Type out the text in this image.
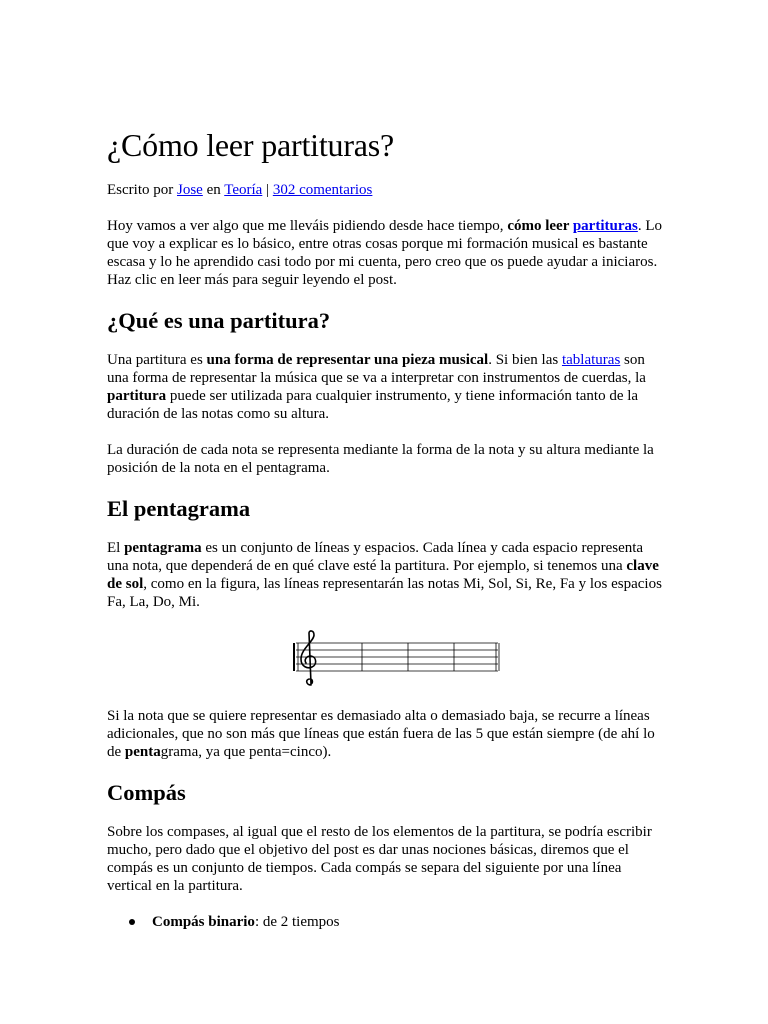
¿Cómo leer partituras?

Escrito por Jose en Teoría | 302 comentarios

Hoy vamos a ver algo que me lleváis pidiendo desde hace tiempo, cómo leer partituras. Lo que voy a explicar es lo básico, entre otras cosas porque mi formación musical es bastante escasa y lo he aprendido casi todo por mi cuenta, pero creo que os puede ayudar a iniciaros. Haz clic en leer más para seguir leyendo el post.

¿Qué es una partitura?

Una partitura es una forma de representar una pieza musical. Si bien las tablaturas son una forma de representar la música que se va a interpretar con instrumentos de cuerdas, la partitura puede ser utilizada para cualquier instrumento, y tiene información tanto de la duración de las notas como su altura.

La duración de cada nota se representa mediante la forma de la nota y su altura mediante la posición de la nota en el pentagrama.

El pentagrama

El pentagrama es un conjunto de líneas y espacios. Cada línea y cada espacio representa una nota, que dependerá de en qué clave esté la partitura. Por ejemplo, si tenemos una clave de sol, como en la figura, las líneas representarán las notas Mi, Sol, Si, Re, Fa y los espacios Fa, La, Do, Mi.

Si la nota que se quiere representar es demasiado alta o demasiado baja, se recurre a líneas adicionales, que no son más que líneas que están fuera de las 5 que están siempre (de ahí lo de pentagrama, ya que penta=cinco).

Compás

Sobre los compases, al igual que el resto de los elementos de la partitura, se podría escribir mucho, pero dado que el objetivo del post es dar unas nociones básicas, diremos que el compás es un conjunto de tiempos. Cada compás se separa del siguiente por una línea vertical en la partitura.

Compás binario: de 2 tiempos
